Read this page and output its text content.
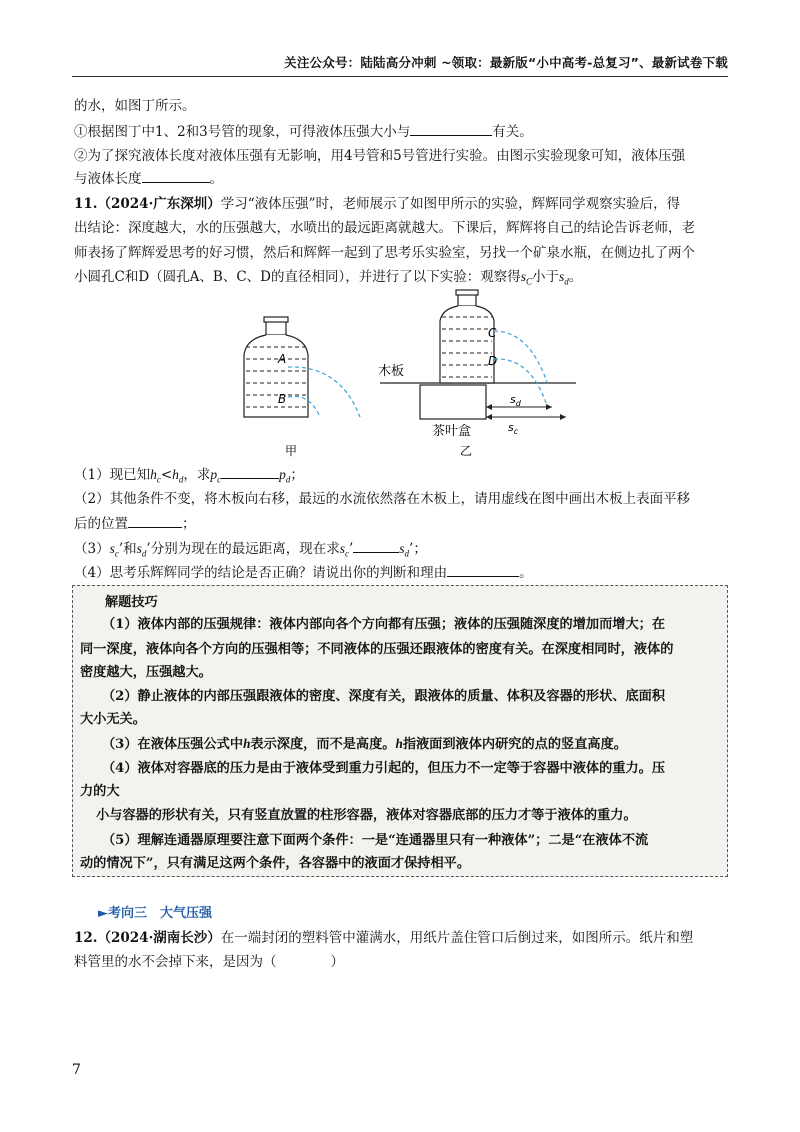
关注公众号：陆陆高分冲刺 ~领取：最新版“小中高考-总复习”、最新试卷下载
的水，如图丁所示。
①根据图丁中1、2和3号管的现象，可得液体压强大小与	有关。
②为了探究液体长度对液体压强有无影响，用4号管和5号管进行实验。由图示实验现象可知，液体压强
与液体长度	。
11.（2024·广东深圳）学习“液体压强”时，老师展示了如图甲所示的实验，辉辉同学观察实验后，得
出结论：深度越大，水的压强越大，水喷出的最远距离就越大。下课后，辉辉将自己的结论告诉老师，老
师表扬了辉辉爱思考的好习惯，然后和辉辉一起到了思考乐实验室，另找一个矿泉水瓶，在侧边扎了两个
小圆孔C和D（圆孔A、B、C、D的直径相同），并进行了以下实验：观察得$s_C$小于$s_d$。
A
B
甲
木板
茶叶盒
乙
C
D
$s_d$
$s_c$
（1）现已知$h_c<h_d$，求$p_c$	$p_d$；
（2）其他条件不变，将木板向右移，最远的水流依然落在木板上，请用虚线在图中画出木板上表面平移
后的位置	；
$(3)s_c$’和$s_d$’分别为现在的最远距离，现在求$s_c$’	$s_d$’；
（4）思考乐辉辉同学的结论是否正确？请说出你的判断和理由	。
解题技巧
（1）液体内部的压强规律：液体内部向各个方向都有压强；液体的压强随深度的增加而增大；在
同一深度，液体向各个方向的压强相等；不同液体的压强还跟液体的密度有关。在深度相同时，液体的
密度越大，压强越大。
（2）静止液体的内部压强跟液体的密度、深度有关，跟液体的质量、体积及容器的形状、底面积
大小无关。
（3）在液体压强公式中h表示深度，而不是高度。h指液面到液体内研究的点的竖直高度。
（4）液体对容器底的压力是由于液体受到重力引起的，但压力不一定等于容器中液体的重力。压
力的大
小与容器的形状有关，只有竖直放置的柱形容器，液体对容器底部的压力才等于液体的重力。
（5）理解连通器原理要注意下面两个条件：一是“连通器里只有一种液体”；二是“在液体不流
动的情况下”，只有满足这两个条件，各容器中的液面才保持相平。
►考向三　大气压强
12.（2024·湖南长沙）在一端封闭的塑料管中灌满水，用纸片盖住管口后倒过来，如图所示。纸片和塑
料管里的水不会掉下来，是因为（　　　　）
7
